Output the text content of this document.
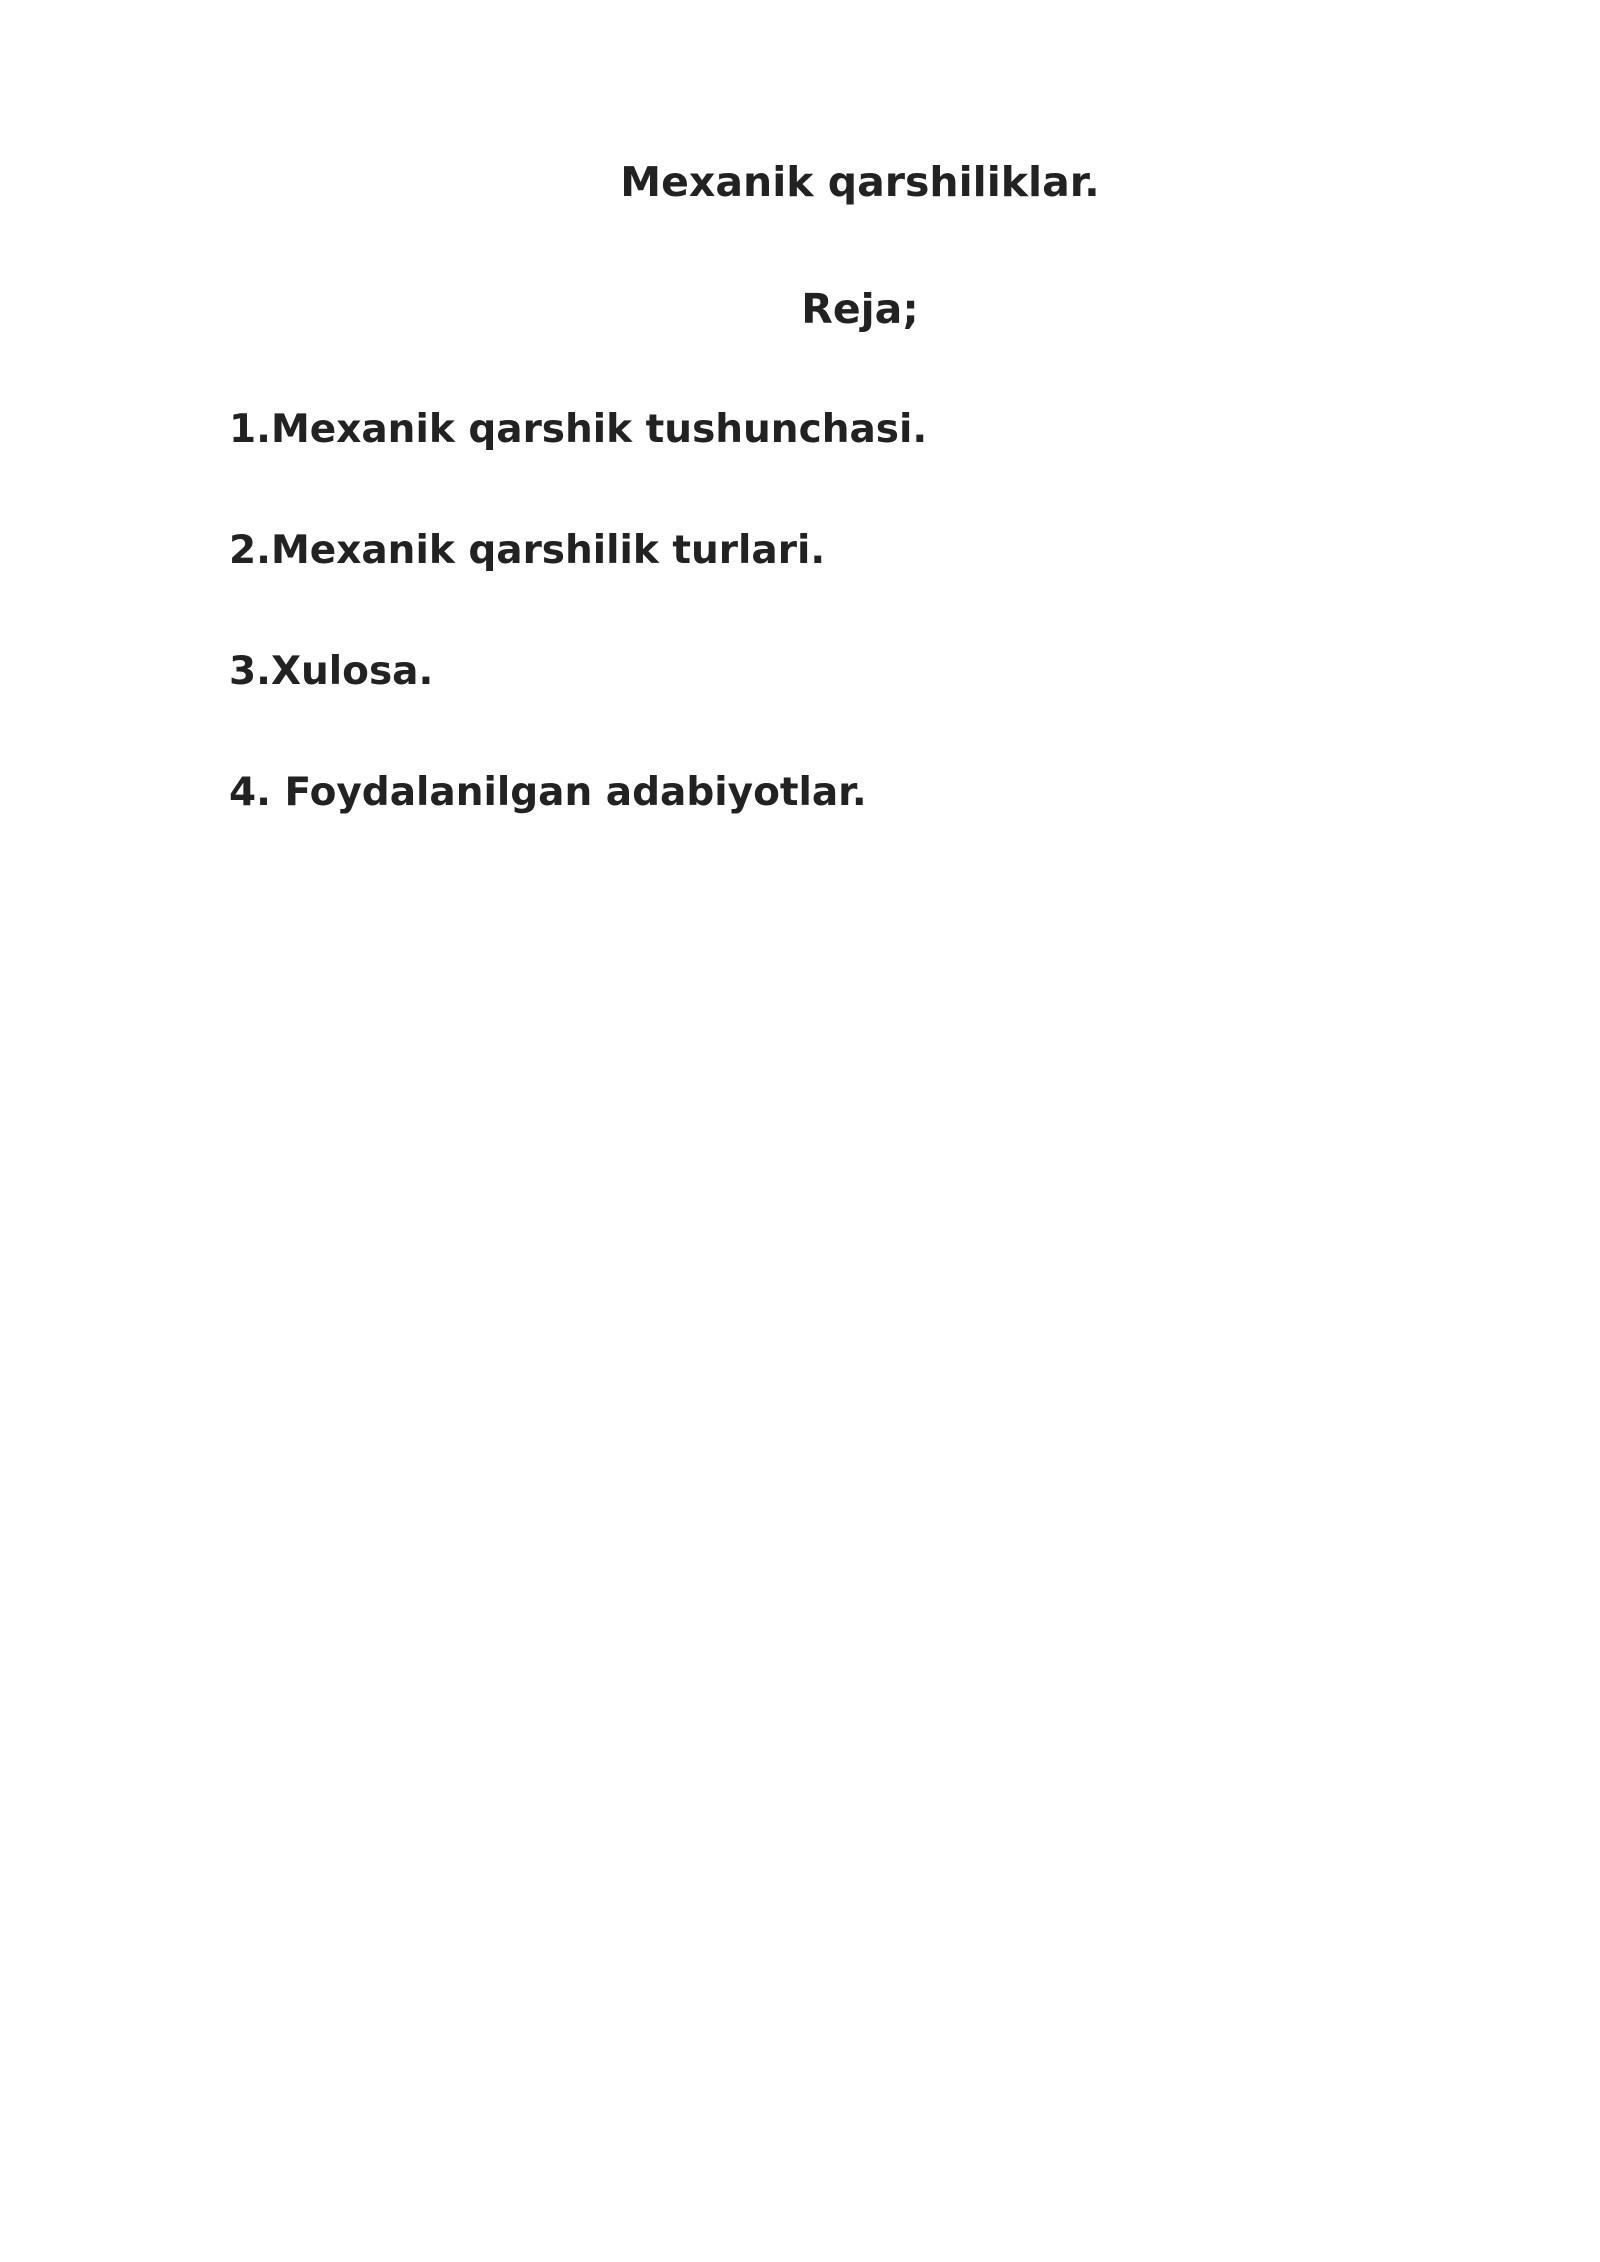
Mexanik qarshiliklar.
Reja;
1.Mexanik qarshik tushunchasi.
2.Mexanik qarshilik turlari.
3.Xulosa.
4. Foydalanilgan adabiyotlar.
